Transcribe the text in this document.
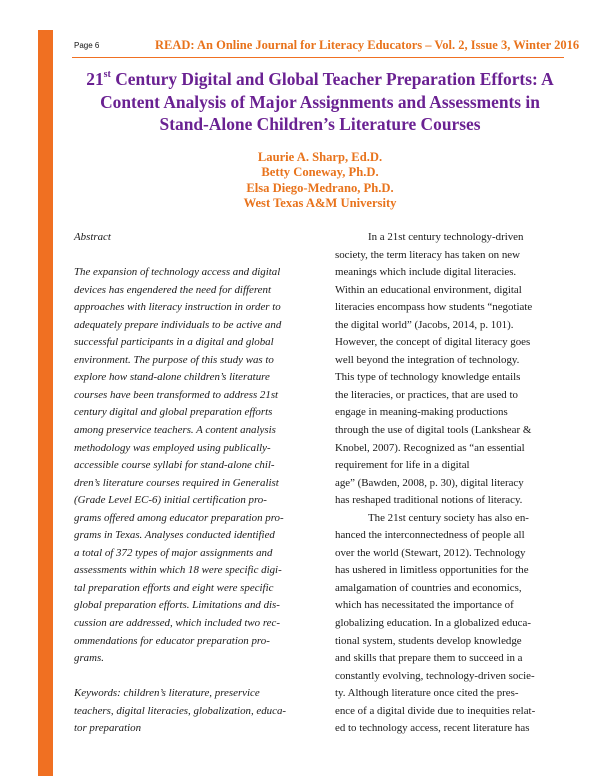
Page 6	READ: An Online Journal for Literacy Educators – Vol. 2, Issue 3, Winter 2016
21st Century Digital and Global Teacher Preparation Efforts: A
Content Analysis of Major Assignments and Assessments in
Stand-Alone Children’s Literature Courses
Laurie A. Sharp, Ed.D.
Betty Coneway, Ph.D.
Elsa Diego-Medrano, Ph.D.
West Texas A&M University
Abstract
The expansion of technology access and digital
devices has engendered the need for different
approaches with literacy instruction in order to
adequately prepare individuals to be active and
successful participants in a digital and global
environment. The purpose of this study was to
explore how stand-alone children’s literature
courses have been transformed to address 21st
century digital and global preparation efforts
among preservice teachers. A content analysis
methodology was employed using publically-
accessible course syllabi for stand-alone chil-
dren’s literature courses required in Generalist
(Grade Level EC-6) initial certification pro-
grams offered among educator preparation pro-
grams in Texas. Analyses conducted identified
a total of 372 types of major assignments and
assessments within which 18 were specific digi-
tal preparation efforts and eight were specific
global preparation efforts. Limitations and dis-
cussion are addressed, which included two rec-
ommendations for educator preparation pro-
grams.
Keywords: children’s literature, preservice
teachers, digital literacies, globalization, educa-
tor preparation
In a 21st century technology-driven
society, the term literacy has taken on new
meanings which include digital literacies.
Within an educational environment, digital
literacies encompass how students “negotiate
the digital world” (Jacobs, 2014, p. 101).
However, the concept of digital literacy goes
well beyond the integration of technology.
This type of technology knowledge entails
the literacies, or practices, that are used to
engage in meaning-making productions
through the use of digital tools (Lankshear &
Knobel, 2007). Recognized as “an essential
requirement for life in a digital
age” (Bawden, 2008, p. 30), digital literacy
has reshaped traditional notions of literacy.
The 21st century society has also en-
hanced the interconnectedness of people all
over the world (Stewart, 2012). Technology
has ushered in limitless opportunities for the
amalgamation of countries and economics,
which has necessitated the importance of
globalizing education. In a globalized educa-
tional system, students develop knowledge
and skills that prepare them to succeed in a
constantly evolving, technology-driven socie-
ty. Although literature once cited the pres-
ence of a digital divide due to inequities relat-
ed to technology access, recent literature has
